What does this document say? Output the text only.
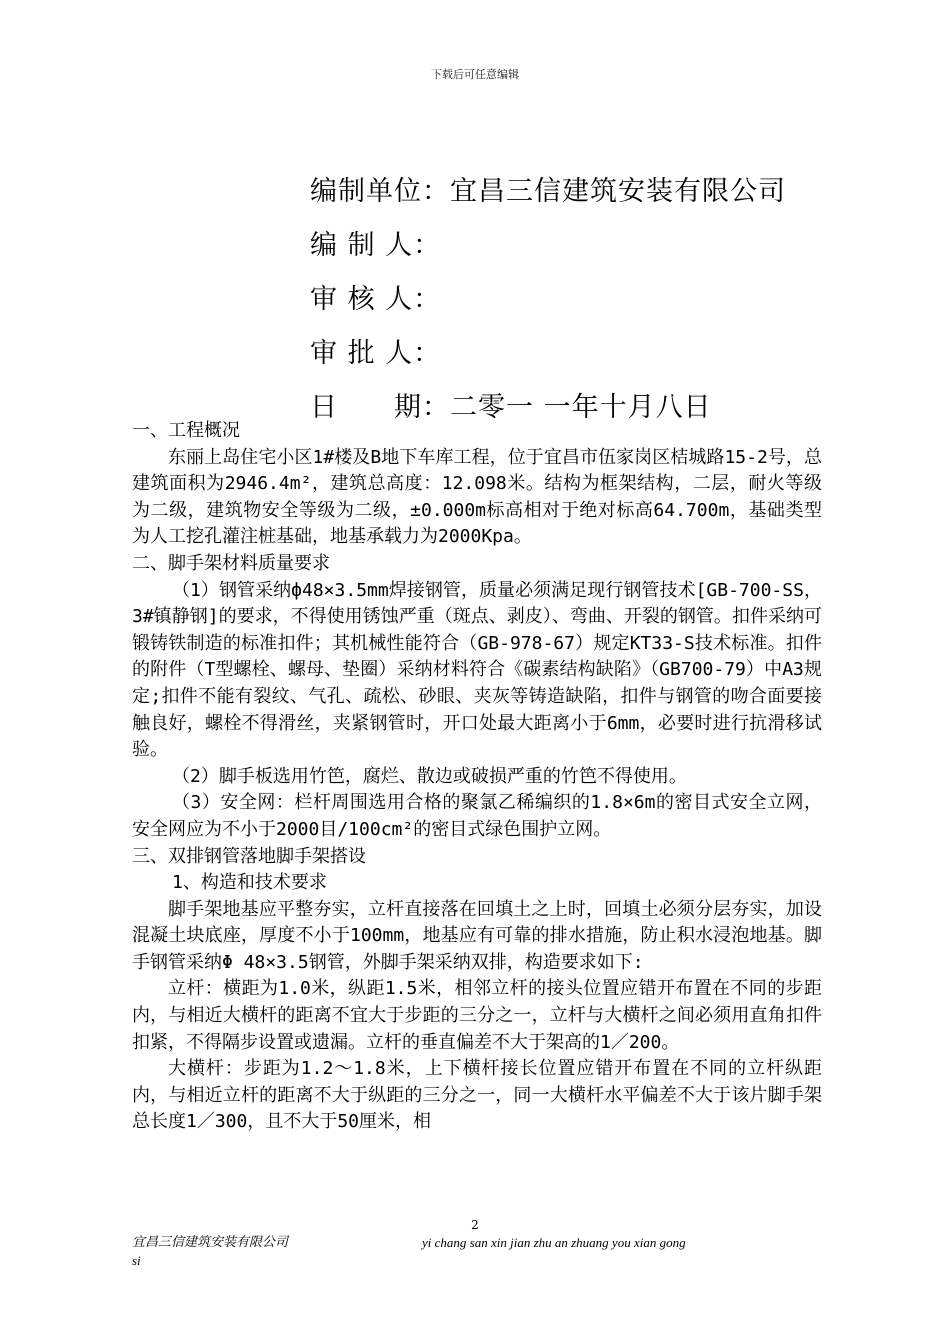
下载后可任意编辑
编制单位：宜昌三信建筑安装有限公司
编 制 人：
审 核 人：
审 批 人：
日　　期：二零一 一年十月八日

一、工程概况

东丽上岛住宅小区1#楼及B地下车库工程，位于宜昌市伍家岗区桔城路15-2号，总建筑面积为2946.4m²，建筑总高度：12.098米。结构为框架结构，二层，耐火等级为二级，建筑物安全等级为二级，±0.000m标高相对于绝对标高64.700m，基础类型为人工挖孔灌注桩基础，地基承载力为2000Kpa。

二、脚手架材料质量要求

（1）钢管采纳ф48×3.5mm焊接钢管，质量必须满足现行钢管技术[GB-700-SS，3#镇静钢]的要求，不得使用锈蚀严重（斑点、剥皮）、弯曲、开裂的钢管。扣件采纳可锻铸铁制造的标准扣件；其机械性能符合（GB-978-67）规定KT33-S技术标准。扣件的附件（T型螺栓、螺母、垫圈）采纳材料符合《碳素结构缺陷》（GB700-79）中A3规定;扣件不能有裂纹、气孔、疏松、砂眼、夹灰等铸造缺陷，扣件与钢管的吻合面要接触良好，螺栓不得滑丝，夹紧钢管时，开口处最大距离小于6mm，必要时进行抗滑移试验。

（2）脚手板选用竹笆，腐烂、散边或破损严重的竹笆不得使用。

（3）安全网：栏杆周围选用合格的聚氯乙稀编织的1.8×6m的密目式安全立网，安全网应为不小于2000目/100cm²的密目式绿色围护立网。

三、双排钢管落地脚手架搭设

1、构造和技术要求

脚手架地基应平整夯实，立杆直接落在回填土之上时，回填土必须分层夯实，加设混凝土块底座，厚度不小于100mm，地基应有可靠的排水措施，防止积水浸泡地基。脚手钢管采纳Φ 48×3.5钢管，外脚手架采纳双排，构造要求如下:

立杆：横距为1.0米，纵距1.5米，相邻立杆的接头位置应错开布置在不同的步距内，与相近大横杆的距离不宜大于步距的三分之一，立杆与大横杆之间必须用直角扣件扣紧，不得隔步设置或遗漏。立杆的垂直偏差不大于架高的1／200。

大横杆：步距为1.2～1.8米，上下横杆接长位置应错开布置在不同的立杆纵距内，与相近立杆的距离不大于纵距的三分之一，同一大横杆水平偏差不大于该片脚手架总长度1／300，且不大于50厘米，相

2
宜昌三信建筑安装有限公司	yi chang san xin jian zhu an zhuang you xian gong
si
